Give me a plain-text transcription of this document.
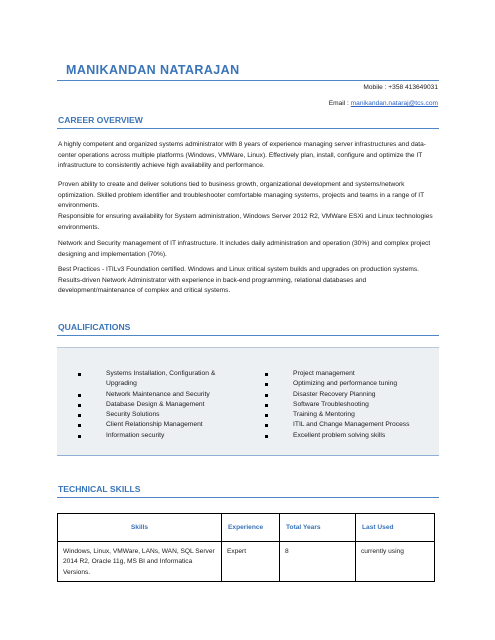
MANIKANDAN NATARAJAN
Mobile : +358 413649031
Email : manikandan.nataraj@tcs.com
CAREER OVERVIEW
A highly competent and organized systems administrator with 8 years of experience managing server infrastructures and data-center operations across multiple platforms (Windows, VMWare, Linux). Effectively plan, install, configure and optimize the IT infrastructure to consistently achieve high availability and performance.
Proven ability to create and deliver solutions tied to business growth, organizational development and systems/network optimization. Skilled problem identifier and troubleshooter comfortable managing systems, projects and teams in a range of IT environments.
Responsible for ensuring availability for System administration, Windows Server 2012 R2, VMWare ESXi and Linux technologies environments.
Network and Security management of IT infrastructure. It includes daily administration and operation (30%) and complex project designing and implementation (70%).
Best Practices - ITILv3 Foundation certified. Windows and Linux critical system builds and upgrades on production systems. Results-driven Network Administrator with experience in back-end programming, relational databases and development/maintenance of complex and critical systems.
QUALIFICATIONS
Systems Installation, Configuration &
Upgrading
Network Maintenance and Security
Database Design & Management
Security Solutions
Client Relationship Management
Information security
Project management
Optimizing and performance tuning
Disaster Recovery Planning
Software Troubleshooting
Training & Mentoring
ITIL and Change Management Process
Excellent problem solving skills
TECHNICAL SKILLS
Skills	Experience	Total Years	Last Used
Windows, Linux, VMWare, LANs, WAN, SQL Server 2014 R2, Oracle 11g, MS BI and Informatica Versions.	Expert	8	currently using
